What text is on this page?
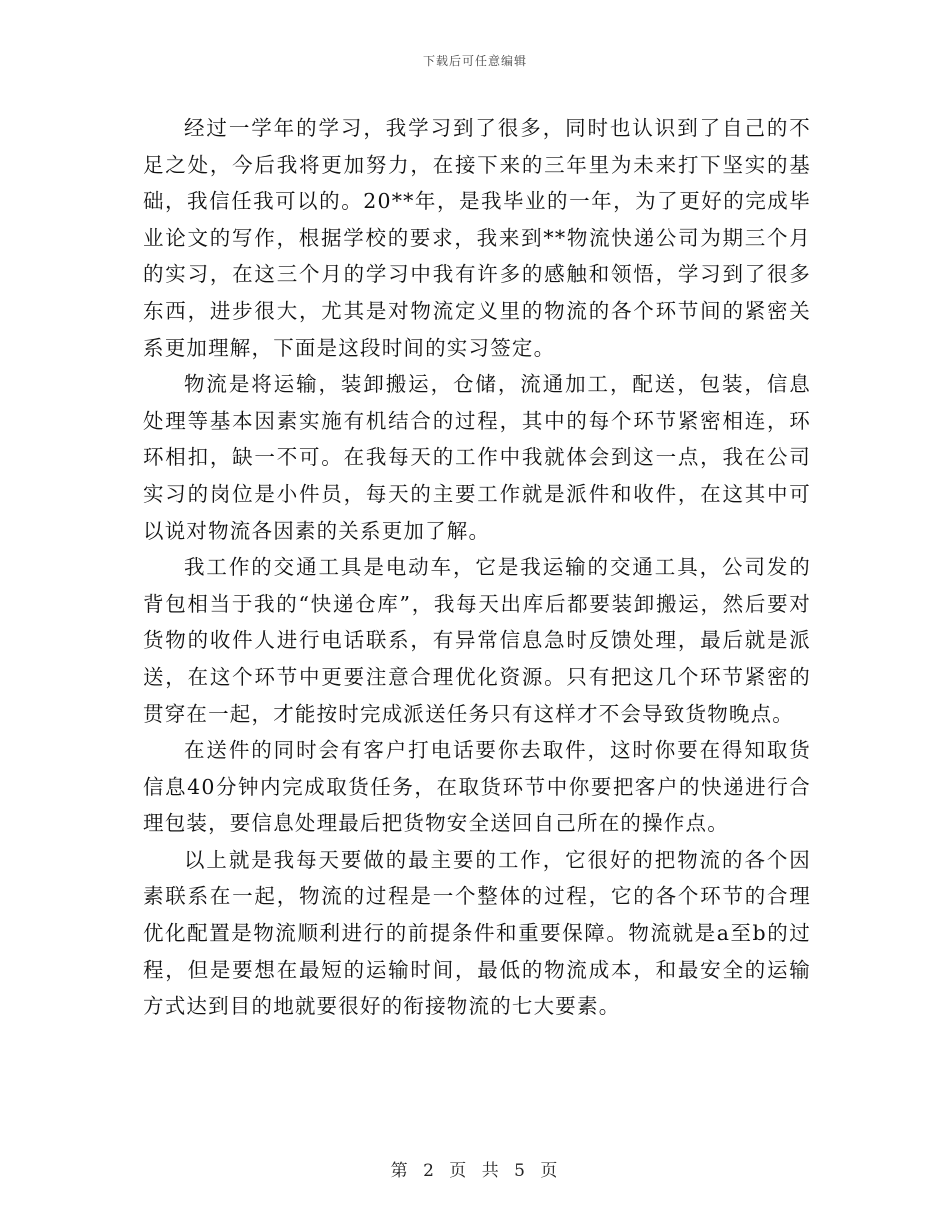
下载后可任意编辑

经过一学年的学习，我学习到了很多，同时也认识到了自己的不足之处，今后我将更加努力，在接下来的三年里为未来打下坚实的基础，我信任我可以的。20**年，是我毕业的一年，为了更好的完成毕业论文的写作，根据学校的要求，我来到**物流快递公司为期三个月的实习，在这三个月的学习中我有许多的感触和领悟，学习到了很多东西，进步很大，尤其是对物流定义里的物流的各个环节间的紧密关系更加理解，下面是这段时间的实习签定。

物流是将运输，装卸搬运，仓储，流通加工，配送，包装，信息处理等基本因素实施有机结合的过程，其中的每个环节紧密相连，环环相扣，缺一不可。在我每天的工作中我就体会到这一点，我在公司实习的岗位是小件员，每天的主要工作就是派件和收件，在这其中可以说对物流各因素的关系更加了解。

我工作的交通工具是电动车，它是我运输的交通工具，公司发的背包相当于我的“快递仓库”，我每天出库后都要装卸搬运，然后要对货物的收件人进行电话联系，有异常信息急时反馈处理，最后就是派送，在这个环节中更要注意合理优化资源。只有把这几个环节紧密的贯穿在一起，才能按时完成派送任务只有这样才不会导致货物晚点。

在送件的同时会有客户打电话要你去取件，这时你要在得知取货信息40分钟内完成取货任务，在取货环节中你要把客户的快递进行合理包装，要信息处理最后把货物安全送回自己所在的操作点。

以上就是我每天要做的最主要的工作，它很好的把物流的各个因素联系在一起，物流的过程是一个整体的过程，它的各个环节的合理优化配置是物流顺利进行的前提条件和重要保障。物流就是a至b的过程，但是要想在最短的运输时间，最低的物流成本，和最安全的运输方式达到目的地就要很好的衔接物流的七大要素。

第 2 页 共 5 页
